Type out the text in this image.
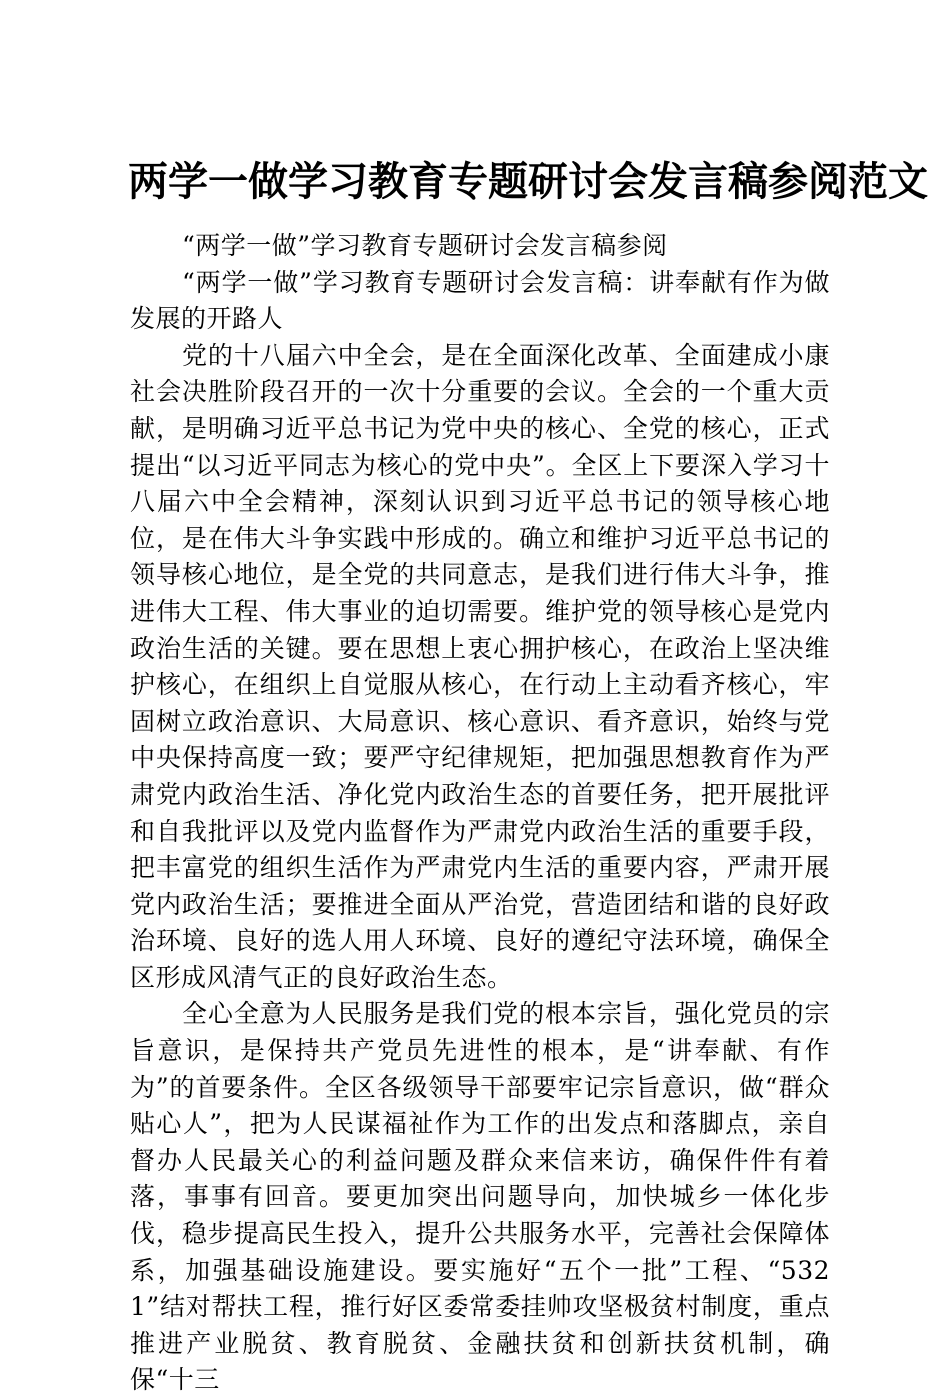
两学一做学习教育专题研讨会发言稿参阅范文

“两学一做”学习教育专题研讨会发言稿参阅

“两学一做”学习教育专题研讨会发言稿：讲奉献有作为做发展的开路人

党的十八届六中全会，是在全面深化改革、全面建成小康社会决胜阶段召开的一次十分重要的会议。全会的一个重大贡献，是明确习近平总书记为党中央的核心、全党的核心，正式提出“以习近平同志为核心的党中央”。全区上下要深入学习十八届六中全会精神，深刻认识到习近平总书记的领导核心地位，是在伟大斗争实践中形成的。确立和维护习近平总书记的领导核心地位，是全党的共同意志，是我们进行伟大斗争，推进伟大工程、伟大事业的迫切需要。维护党的领导核心是党内政治生活的关键。要在思想上衷心拥护核心，在政治上坚决维护核心，在组织上自觉服从核心，在行动上主动看齐核心，牢固树立政治意识、大局意识、核心意识、看齐意识，始终与党中央保持高度一致；要严守纪律规矩，把加强思想教育作为严肃党内政治生活、净化党内政治生态的首要任务，把开展批评和自我批评以及党内监督作为严肃党内政治生活的重要手段，把丰富党的组织生活作为严肃党内生活的重要内容，严肃开展党内政治生活；要推进全面从严治党，营造团结和谐的良好政治环境、良好的选人用人环境、良好的遵纪守法环境，确保全区形成风清气正的良好政治生态。

全心全意为人民服务是我们党的根本宗旨，强化党员的宗旨意识，是保持共产党员先进性的根本，是“讲奉献、有作为”的首要条件。全区各级领导干部要牢记宗旨意识，做“群众贴心人”，把为人民谋福祉作为工作的出发点和落脚点，亲自督办人民最关心的利益问题及群众来信来访，确保件件有着落，事事有回音。要更加突出问题导向，加快城乡一体化步伐，稳步提高民生投入，提升公共服务水平，完善社会保障体系，加强基础设施建设。要实施好“五个一批”工程、“5321”结对帮扶工程，推行好区委常委挂帅攻坚极贫村制度，重点推进产业脱贫、教育脱贫、金融扶贫和创新扶贫机制，确保“十三
